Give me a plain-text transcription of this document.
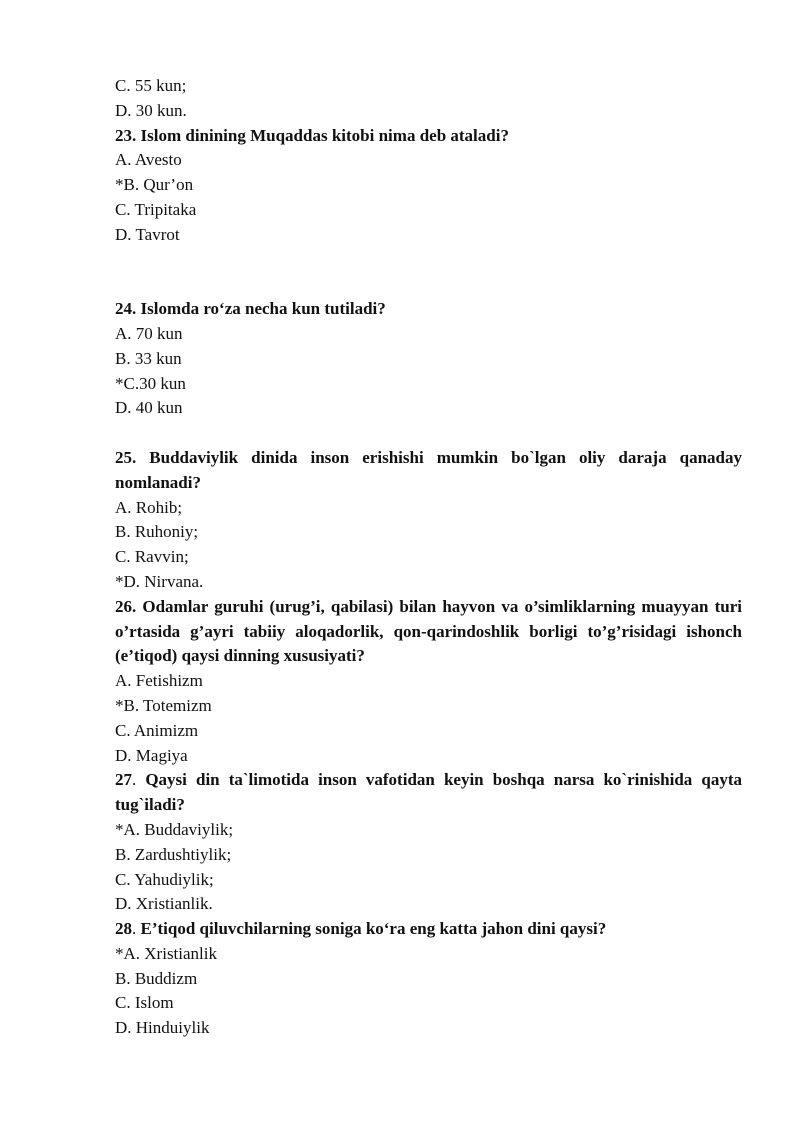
C. 55 kun;

D. 30 kun.

23. Islom dinining Muqaddas kitobi nima deb ataladi?

A. Avesto

*B. Qur’on

C. Tripitaka

D. Tavrot

24. Islomda ro‘za necha kun tutiladi?

A. 70 kun

B. 33 kun

*C.30 kun

D. 40 kun

25. Buddaviylik dinida inson erishishi mumkin bo`lgan oliy daraja qanaday nomlanadi?

A. Rohib;

B. Ruhoniy;

C. Ravvin;

*D. Nirvana.

26. Odamlar guruhi (urug’i, qabilasi) bilan hayvon va o’simliklarning muayyan turi o’rtasida g’ayri tabiiy aloqadorlik, qon-qarindoshlik borligi to’g’risidagi ishonch (e’tiqod) qaysi dinning xususiyati?

A. Fetishizm

*B. Totemizm

C. Animizm

D. Magiya

27. Qaysi din ta`limotida inson vafotidan keyin boshqa narsa ko`rinishida qayta tug`iladi?

*A. Buddaviylik;

B. Zardushtiylik;

C. Yahudiylik;

D. Xristianlik.

28. E’tiqod qiluvchilarning soniga ko‘ra eng katta jahon dini qaysi?

*A. Xristianlik

B. Buddizm

C. Islom

D. Hinduiylik
